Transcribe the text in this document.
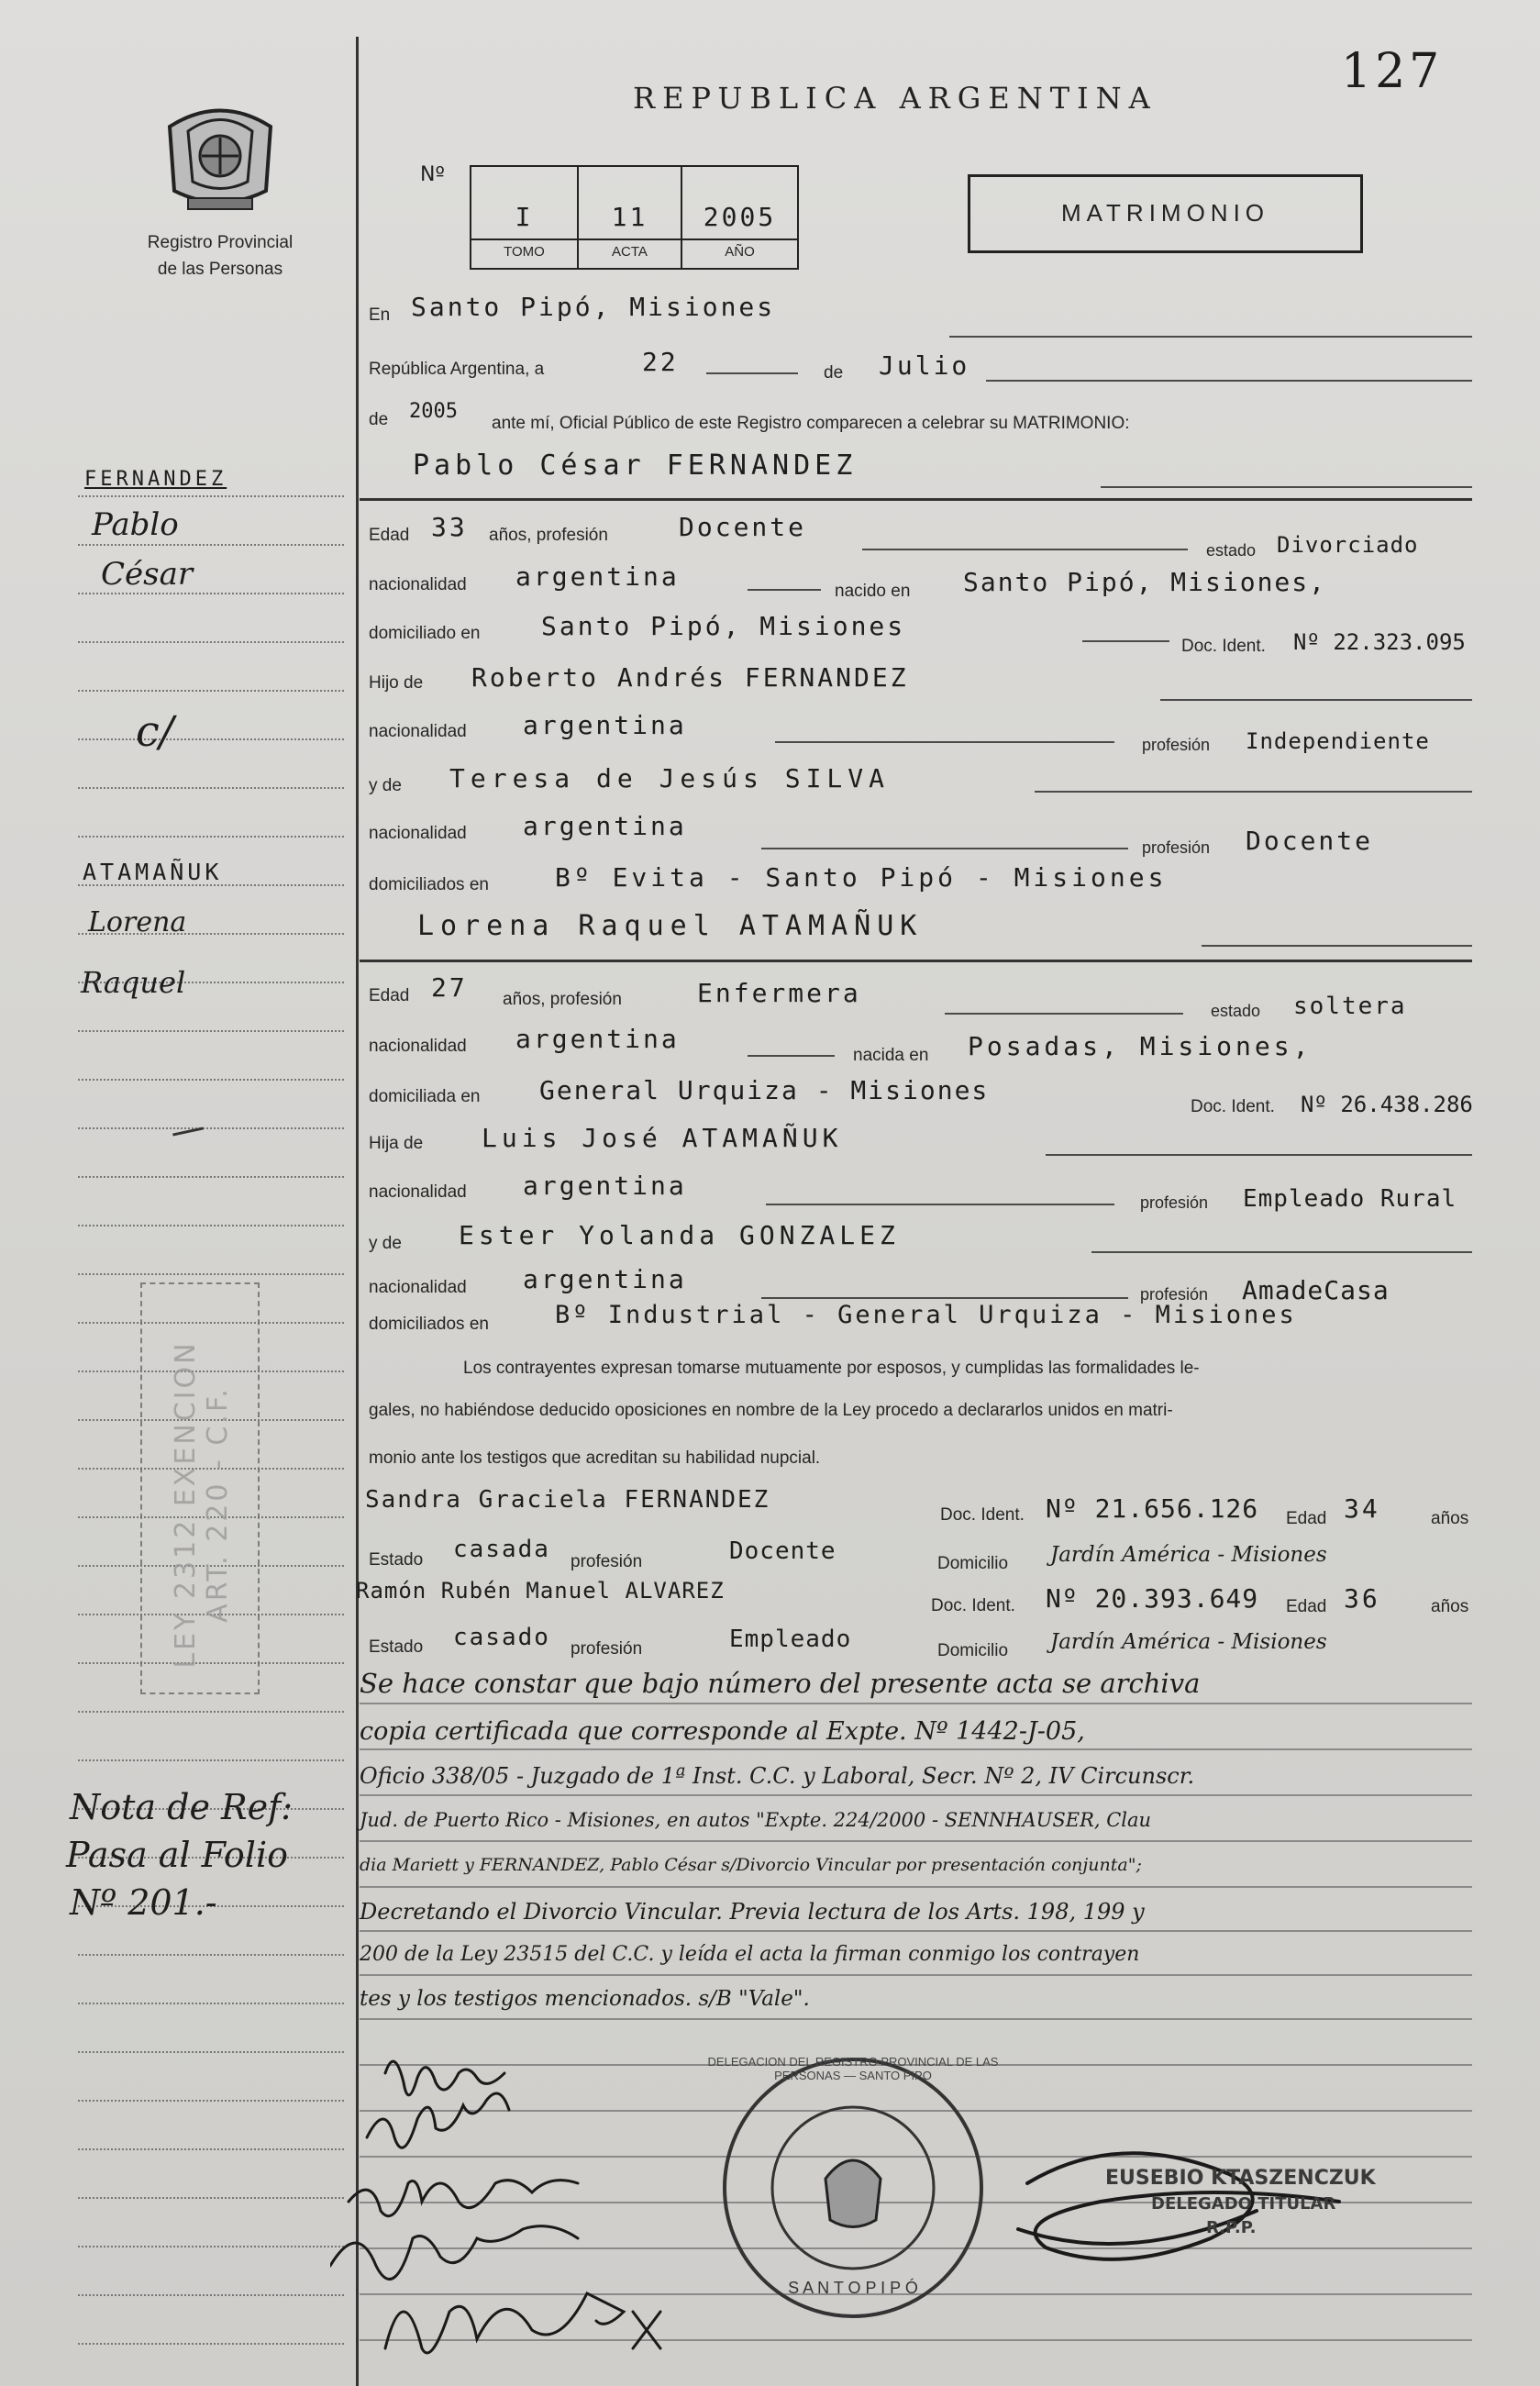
127
Registro Provincial
de las Personas
REPUBLICA ARGENTINA
Nº
I	11	2005
TOMO	ACTA	AÑO
MATRIMONIO
En Santo Pipó, Misiones
República Argentina, a	22	de Julio
de 2005
ante mí, Oficial Público de este Registro comparecen a celebrar su MATRIMONIO:
Pablo César FERNANDEZ
Edad 33 años, profesión	Docente
estado Divorciado
nacionalidad argentina	nacido en Santo Pipó, Misiones,
domiciliado en Santo Pipó, Misiones
Doc. Ident. Nº 22.323.095
Hijo de Roberto Andrés FERNANDEZ
nacionalidad argentina
profesión Independiente
y de Teresa de Jesús SILVA
nacionalidad argentina
profesión Docente
domiciliados en	Bº Evita - Santo Pipó - Misiones
Lorena Raquel ATAMAÑUK
Edad 27 años, profesión	Enfermera
estado soltera
nacionalidad argentina
nacida en Posadas, Misiones,
domiciliada en General Urquiza - Misiones
Doc. Ident. Nº 26.438.286
Hija de Luis José ATAMAÑUK
nacionalidad argentina
profesión Empleado Rural
y de Ester Yolanda GONZALEZ
nacionalidad argentina	profesión AmadeCasa
domiciliados en	Bº Industrial - General Urquiza - Misiones
Los contrayentes expresan tomarse mutuamente por esposos, y cumplidas las formalidades le-
gales, no habiéndose deducido oposiciones en nombre de la Ley procedo a declararlos unidos en matri-
monio ante los testigos que acreditan su habilidad nupcial.
Sandra Graciela FERNANDEZ
Doc. Ident. Nº 21.656.126 Edad 34	años
Estado casada profesión	Docente	Domicilio Jardín América - Misiones
Ramón Rubén Manuel ALVAREZ
Doc. Ident. Nº 20.393.649 Edad 36	años
Estado casado profesión	Empleado	Domicilio Jardín América - Misiones
Se hace constar que bajo número del presente acta se archiva
copia certificada que corresponde al Expte. Nº 1442-J-05,
Oficio 338/05 - Juzgado de 1ª Inst. C.C. y Laboral, Secr. Nº 2, IV Circunscr.
Jud. de Puerto Rico - Misiones, en autos "Expte. 224/2000 - SENNHAUSER, Clau
dia Mariett y FERNANDEZ, Pablo César s/Divorcio Vincular por presentación conjunta";
Decretando el Divorcio Vincular. Previa lectura de los Arts. 198, 199 y
200 de la Ley 23515 del C.C. y leída el acta la firman conmigo los contrayen
tes y los testigos mencionados. s/B "Vale".
FERNANDEZ
Pablo
César
c/
ATAMAÑUK
Lorena
Raquel
LEY 2312 EXENCION ART. 220 - C.F.
Nota de Ref:
Pasa al Folio
Nº 201.-
S A N T O P I P Ó
DELEGACION DEL REGISTRO PROVINCIAL DE LAS PERSONAS — SANTO PIPO
EUSEBIO KTASZENCZUK
DELEGADO TITULAR
R.P.P.
